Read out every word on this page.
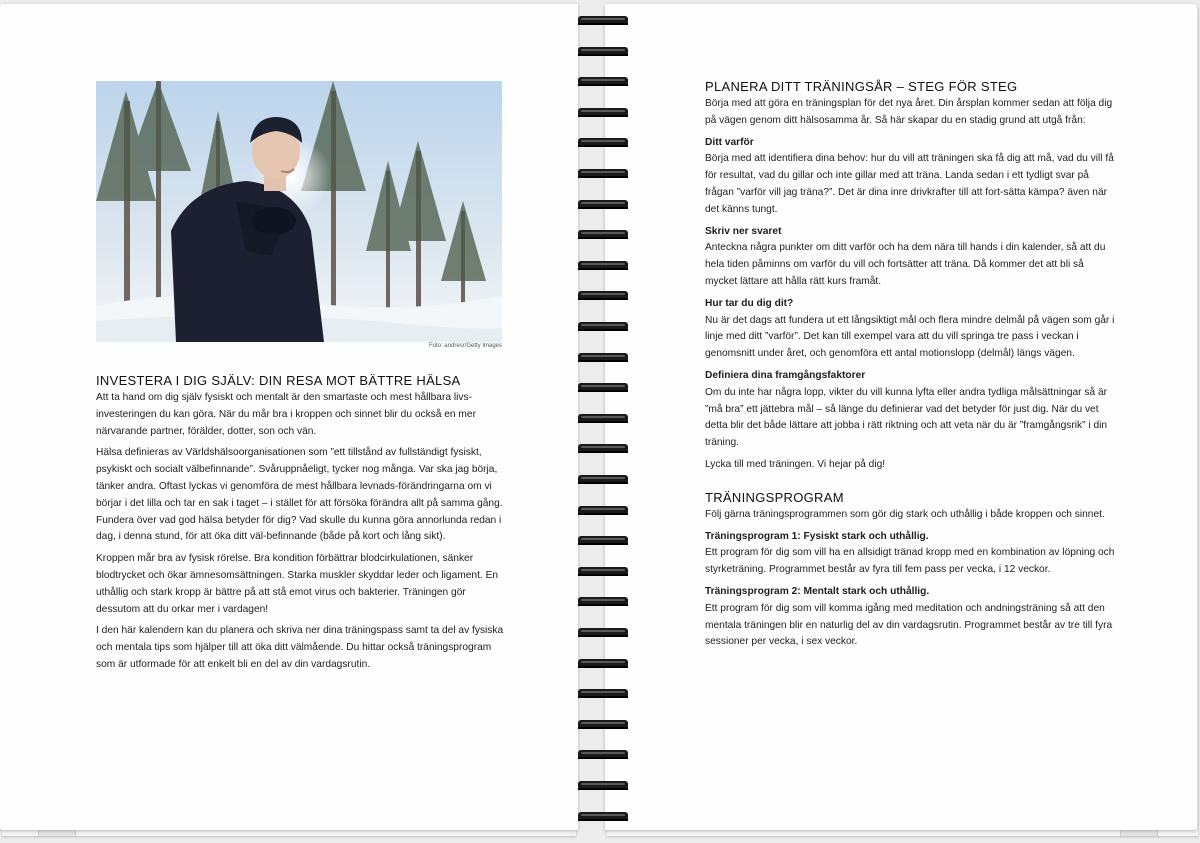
Foto: andresr/Getty Images
INVESTERA I DIG SJÄLV: DIN RESA MOT BÄTTRE HÄLSA

Att ta hand om dig själv fysiskt och mentalt är den smartaste och mest hållbara livs-investeringen du kan göra. När du mår bra i kroppen och sinnet blir du också en mer närvarande partner, förälder, dotter, son och vän.

Hälsa definieras av Världshälsoorganisationen som ”ett tillstånd av fullständigt fysiskt, psykiskt och socialt välbefinnande”. Svåruppnåeligt, tycker nog många. Var ska jag börja, tänker andra. Oftast lyckas vi genomföra de mest hållbara levnads-förändringarna om vi börjar i det lilla och tar en sak i taget – i stället för att försöka förändra allt på samma gång. Fundera över vad god hälsa betyder för dig? Vad skulle du kunna göra annorlunda redan i dag, i denna stund, för att öka ditt väl-befinnande (både på kort och lång sikt).

Kroppen mår bra av fysisk rörelse. Bra kondition förbättrar blodcirkulationen, sänker blodtrycket och ökar ämnesomsättningen. Starka muskler skyddar leder och ligament. En uthållig och stark kropp är bättre på att stå emot virus och bakterier. Träningen gör dessutom att du orkar mer i vardagen!

I den här kalendern kan du planera och skriva ner dina träningspass samt ta del av fysiska och mentala tips som hjälper till att öka ditt välmående. Du hittar också träningsprogram som är utformade för att enkelt bli en del av din vardagsrutin.

PLANERA DITT TRÄNINGSÅR – STEG FÖR STEG

Börja med att göra en träningsplan för det nya året. Din årsplan kommer sedan att följa dig på vägen genom ditt hälsosamma år. Så här skapar du en stadig grund att utgå från:

Ditt varför

Börja med att identifiera dina behov: hur du vill att träningen ska få dig att må, vad du vill få för resultat, vad du gillar och inte gillar med att träna. Landa sedan i ett tydligt svar på frågan ”varför vill jag träna?”. Det är dina inre drivkrafter till att fort-sätta kämpa? även när det känns tungt.

Skriv ner svaret

Anteckna några punkter om ditt varför och ha dem nära till hands i din kalender, så att du hela tiden påminns om varför du vill och fortsätter att träna. Då kommer det att bli så mycket lättare att hålla rätt kurs framåt.

Hur tar du dig dit?

Nu är det dags att fundera ut ett långsiktigt mål och flera mindre delmål på vägen som går i linje med ditt ”varför”. Det kan till exempel vara att du vill springa tre pass i veckan i genomsnitt under året, och genomföra ett antal motionslopp (delmål) längs vägen.

Definiera dina framgångsfaktorer

Om du inte har några lopp, vikter du vill kunna lyfta eller andra tydliga målsättningar så är ”må bra” ett jättebra mål – så länge du definierar vad det betyder för just dig. När du vet detta blir det både lättare att jobba i rätt riktning och att veta när du är ”framgångsrik” i din träning.

Lycka till med träningen. Vi hejar på dig!

TRÄNINGSPROGRAM

Följ gärna träningsprogrammen som gör dig stark och uthållig i både kroppen och sinnet.

Träningsprogram 1: Fysiskt stark och uthållig.

Ett program för dig som vill ha en allsidigt tränad kropp med en kombination av löpning och styrketräning. Programmet består av fyra till fem pass per vecka, i 12 veckor.

Träningsprogram 2: Mentalt stark och uthållig.

Ett program för dig som vill komma igång med meditation och andningsträning så att den mentala träningen blir en naturlig del av din vardagsrutin. Programmet består av tre till fyra sessioner per vecka, i sex veckor.
